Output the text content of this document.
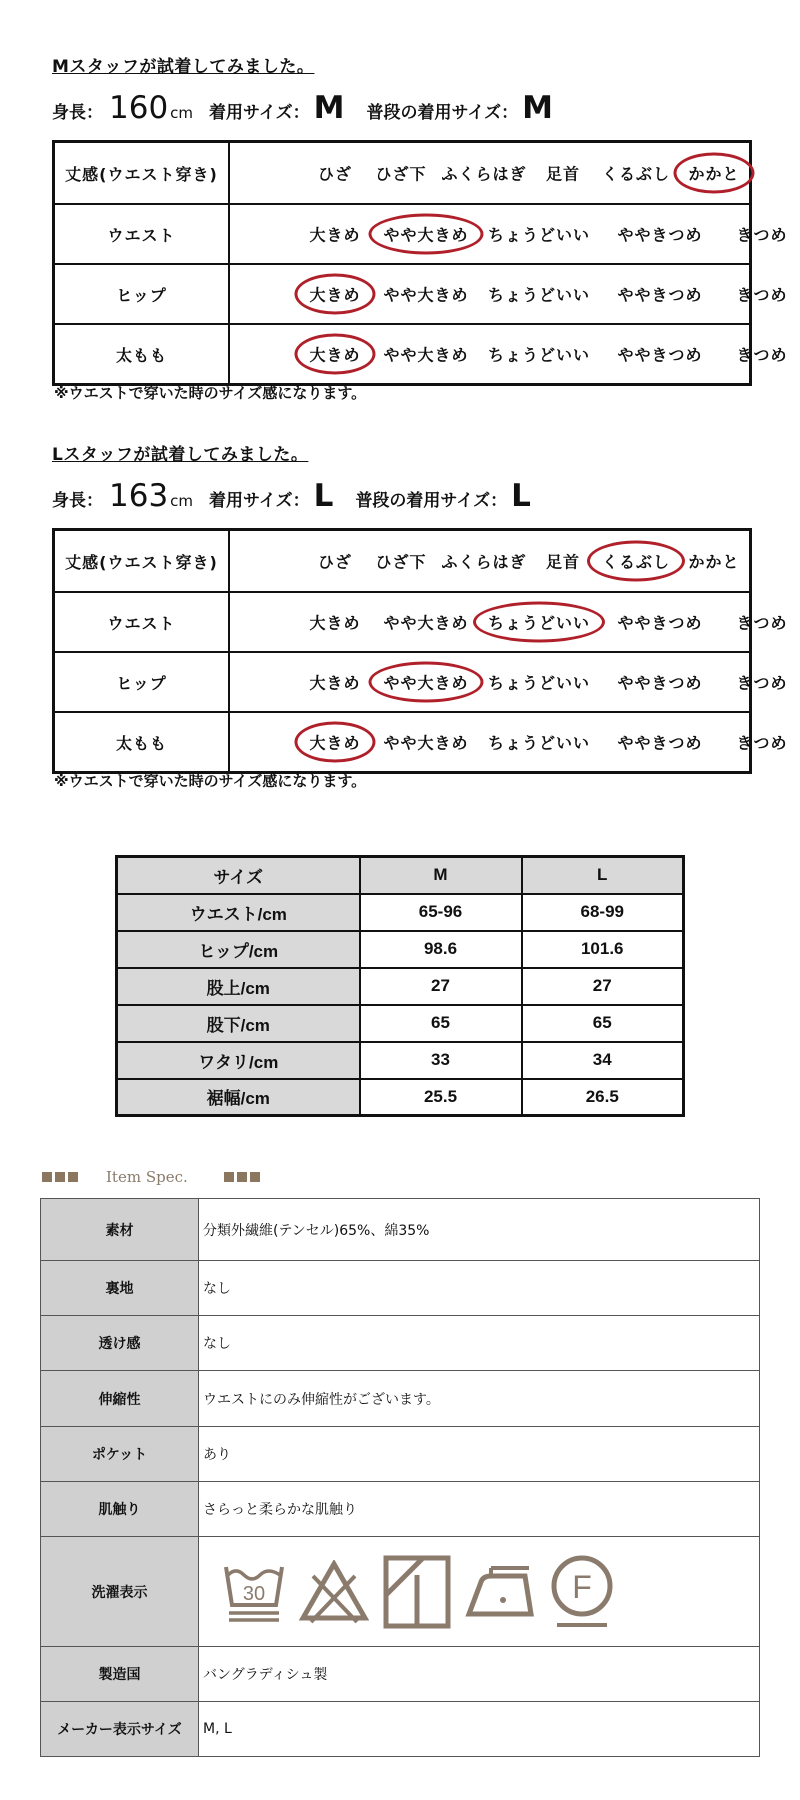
Mスタッフが試着してみました。
身長： 160 cm 着用サイズ： M 普段の着用サイズ： M
丈感(ウエスト穿き)	ひざ	ひざ下 ふくらはぎ	足首	くるぶし	かかと
ウエスト	大きめ	やや大きめ	ちょうどいい	ややきつめ	きつめ
ヒップ	大きめ	やや大きめ	ちょうどいい	ややきつめ	きつめ
太もも	大きめ	やや大きめ	ちょうどいい	ややきつめ	きつめ
※ウエストで穿いた時のサイズ感になります。
Lスタッフが試着してみました。
身長： 163 cm 着用サイズ： L 普段の着用サイズ： L
丈感(ウエスト穿き)	ひざ	ひざ下 ふくらはぎ	足首	くるぶし	かかと
ウエスト	大きめ	やや大きめ	ちょうどいい	ややきつめ	きつめ
ヒップ	大きめ	やや大きめ	ちょうどいい	ややきつめ	きつめ
太もも	大きめ	やや大きめ	ちょうどいい	ややきつめ	きつめ
※ウエストで穿いた時のサイズ感になります。
サイズ	M	L
ウエスト/cm	65-96	68-99
ヒップ/cm	98.6	101.6
股上/cm	27	27
股下/cm	65	65
ワタリ/cm	33	34
裾幅/cm	25.5	26.5
Item Spec.
素材	分類外繊維(テンセル)65%、綿35%
裏地	なし
透け感	なし
伸縮性	ウエストにのみ伸縮性がございます。
ポケット	あり
肌触り	さらっと柔らかな肌触り
洗濯表示	30 F

製造国	バングラディシュ製
メーカー表示サイズ	M, L
